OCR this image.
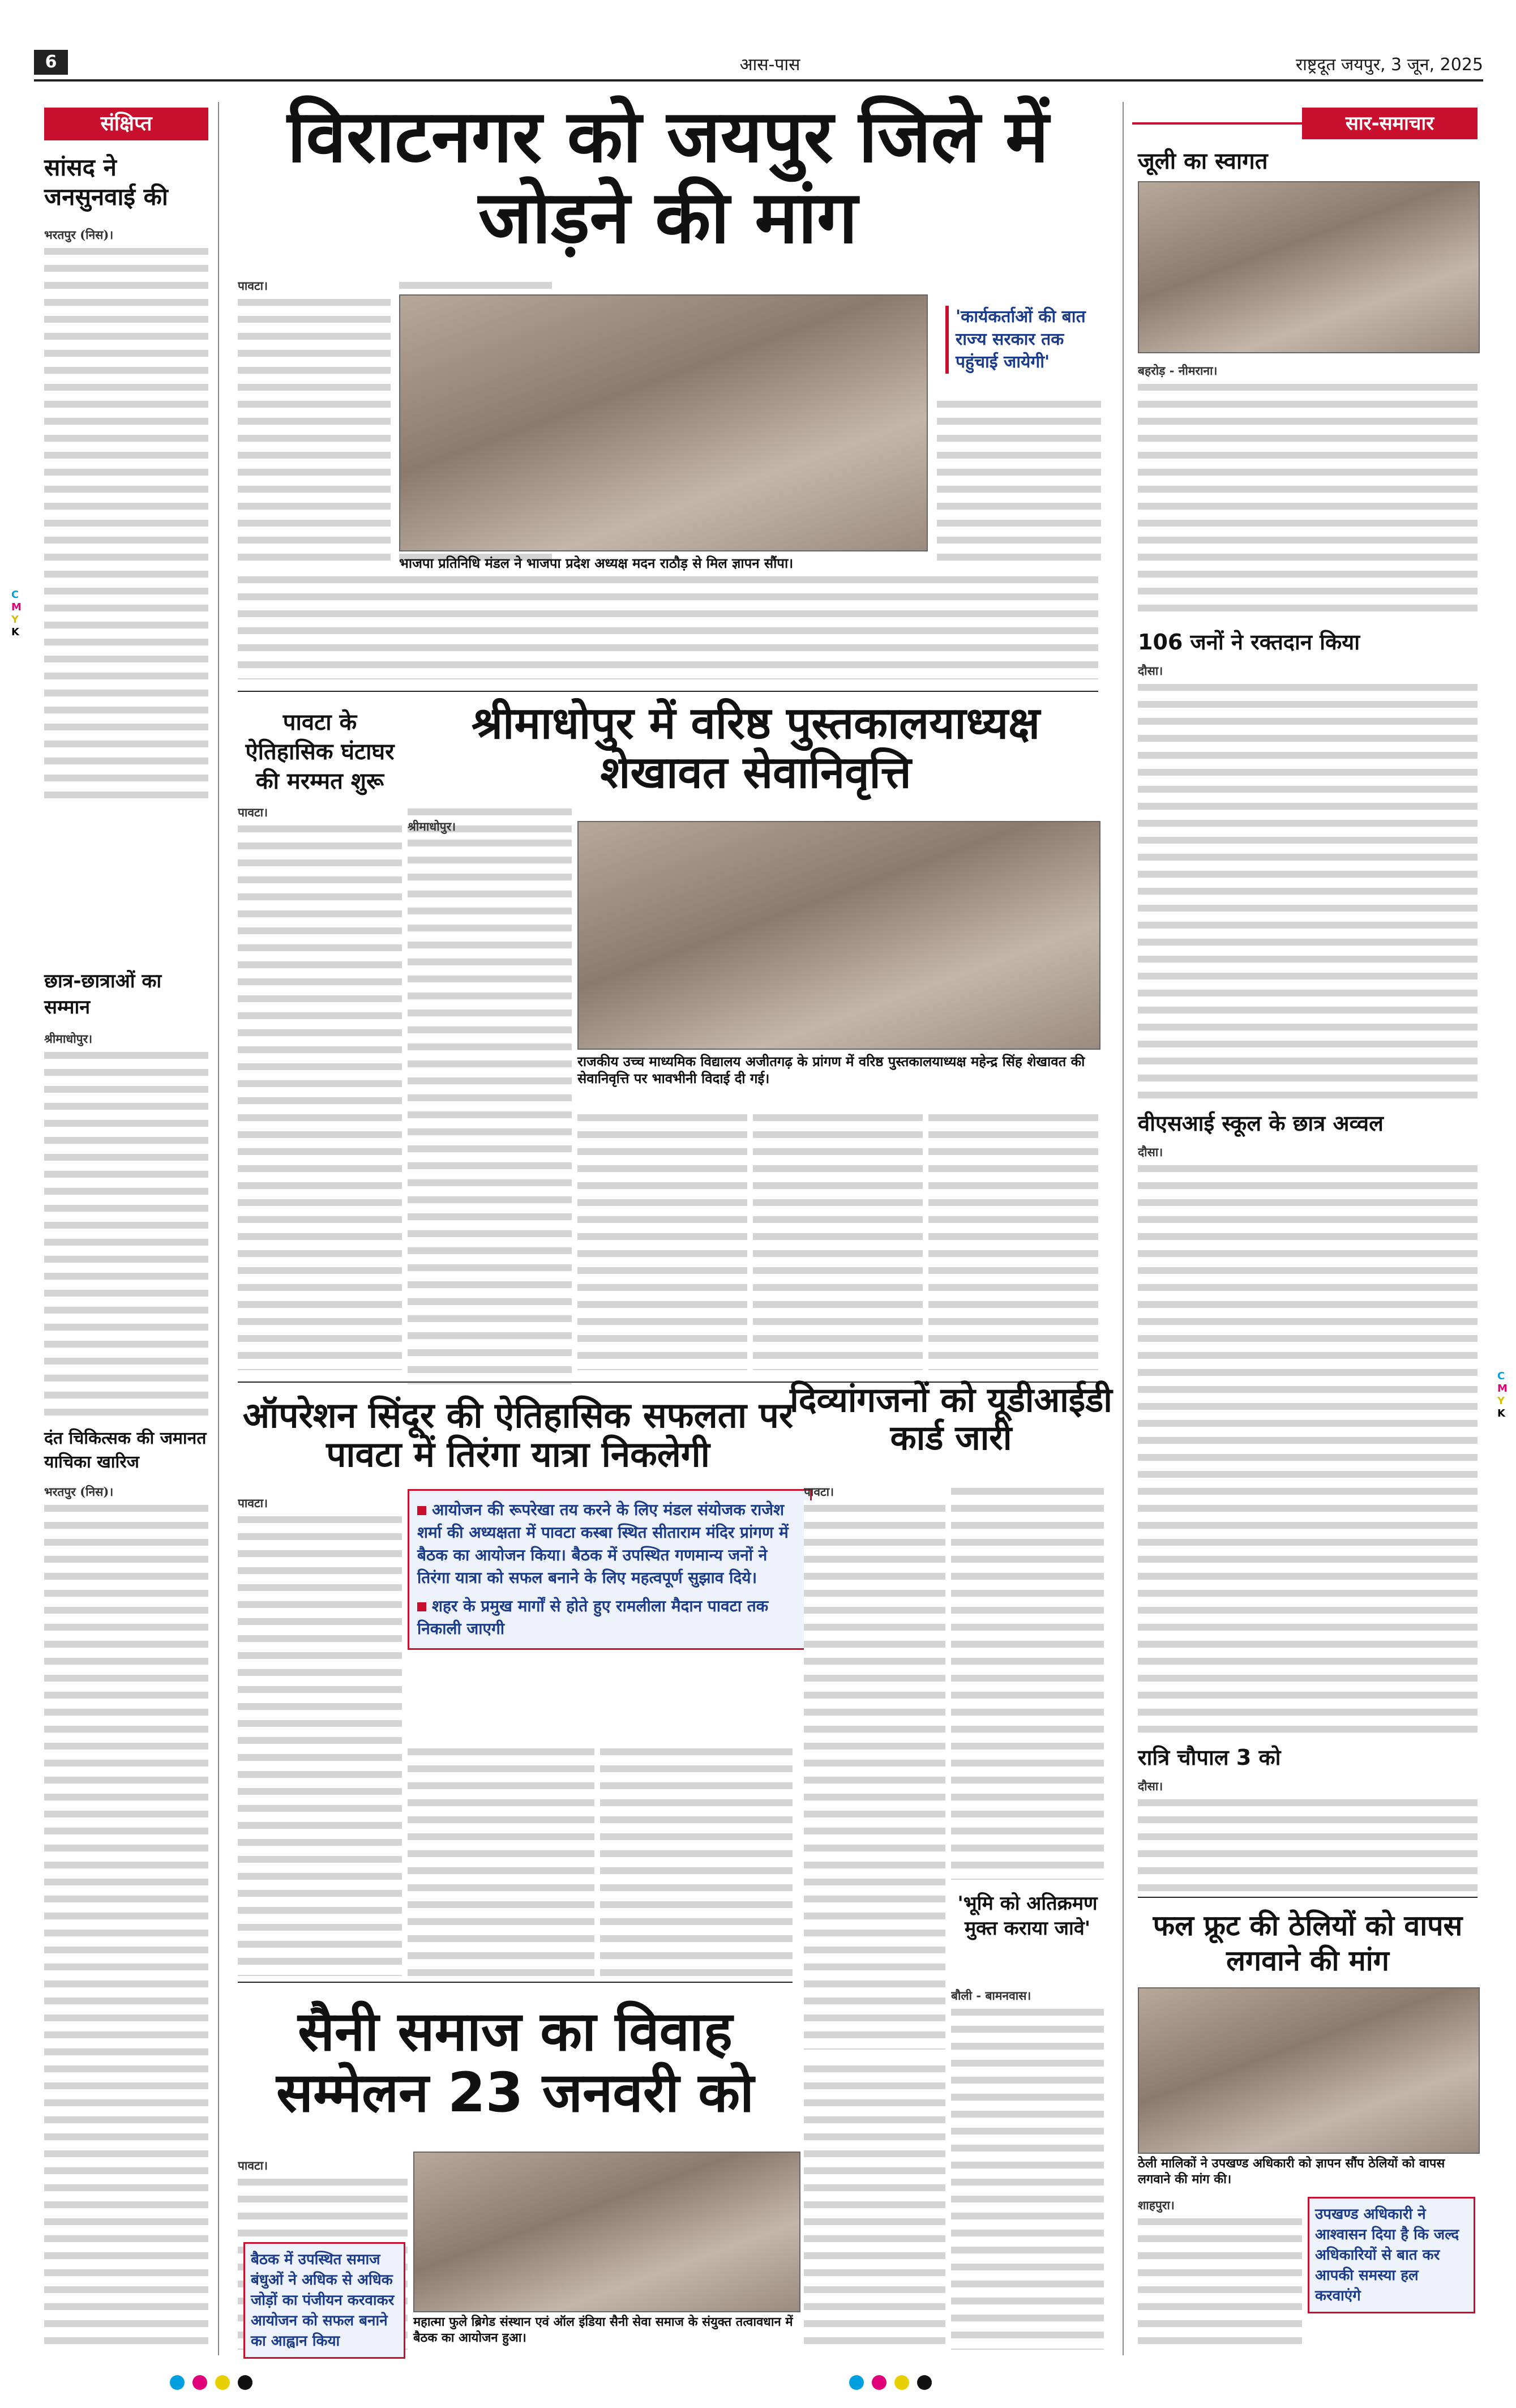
6	आस-पास	राष्ट्रदूत जयपुर, 3 जून, 2025
संक्षिप्त
सांसद ने जनसुनवाई की
भरतपुर (निस)।
छात्र-छात्राओं का सम्मान
श्रीमाधोपुर।
दंत चिकित्सक की जमानत याचिका खारिज
भरतपुर (निस)।
विराटनगर को जयपुर जिले में जोड़ने की मांग
पावटा।
भाजपा प्रतिनिधि मंडल ने भाजपा प्रदेश अध्यक्ष मदन राठौड़ से मिल ज्ञापन सौंपा।
'कार्यकर्ताओं की बात राज्य सरकार तक पहुंचाई जायेगी'
पावटा के ऐतिहासिक घंटाघर की मरम्मत शुरू
पावटा।
श्रीमाधोपुर में वरिष्ठ पुस्तकालयाध्यक्ष शेखावत सेवानिवृत्ति
श्रीमाधोपुर।
राजकीय उच्च माध्यमिक विद्यालय अजीतगढ़ के प्रांगण में वरिष्ठ पुस्तकालयाध्यक्ष महेन्द्र सिंह शेखावत की सेवानिवृत्ति पर भावभीनी विदाई दी गई।
ऑपरेशन सिंदूर की ऐतिहासिक सफलता पर पावटा में तिरंगा यात्रा निकलेगी
पावटा।	आयोजन की रूपरेखा तय करने के लिए मंडल संयोजक राजेश शर्मा की अध्यक्षता में पावटा कस्बा स्थित सीताराम मंदिर प्रांगण में बैठक का आयोजन किया। बैठक में उपस्थित गणमान्य जनों ने तिरंगा यात्रा को सफल बनाने के लिए महत्वपूर्ण सुझाव दिये।
शहर के प्रमुख मार्गों से होते हुए रामलीला मैदान पावटा तक निकाली जाएगी
दिव्यांगजनों को यूडीआईडी कार्ड जारी
पावटा।
'भूमि को अतिक्रमण मुक्त कराया जावे'
बौली - बामनवास।
सैनी समाज का विवाह सम्मेलन 23 जनवरी को
पावटा।
महात्मा फुले ब्रिगेड संस्थान एवं ऑल इंडिया सैनी सेवा समाज के संयुक्त तत्वावधान में बैठक का आयोजन हुआ।
बैठक में उपस्थित समाज बंधुओं ने अधिक से अधिक जोड़ों का पंजीयन करवाकर आयोजन को सफल बनाने का आह्वान किया
सार-समाचार
जूली का स्वागत
बहरोड़ - नीमराना।
106 जनों ने रक्तदान किया
दौसा।
वीएसआई स्कूल के छात्र अव्वल
दौसा।
रात्रि चौपाल 3 को
दौसा।
फल फ्रूट की ठेलियों को वापस लगवाने की मांग
ठेली मालिकों ने उपखण्ड अधिकारी को ज्ञापन सौंप ठेलियों को वापस लगवाने की मांग की।
शाहपुरा।
उपखण्ड अधिकारी ने आश्वासन दिया है कि जल्द अधिकारियों से बात कर आपकी समस्या हल करवाएंगे
C
M
Y
K
C
M
Y
K
